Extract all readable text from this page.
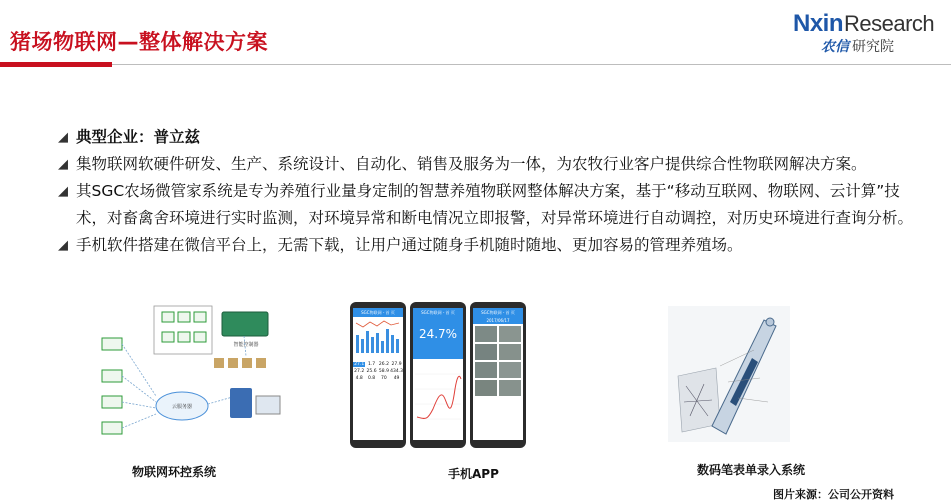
猪场物联网—整体解决方案
NxinResearch
农信 研究院
◢ 典型企业：普立兹
◢ 集物联网软硬件研发、生产、系统设计、自动化、销售及服务为一体，为农牧行业客户提供综合性物联网解决方案。
◢ 其SGC农场微管家系统是专为养殖行业量身定制的智慧养殖物联网整体解决方案，基于“移动互联网、物联网、云计算”技术，对畜禽舍环境进行实时监测，对环境异常和断电情况立即报警，对异常环境进行自动调控，对历史环境进行查询分析。
◢ 手机软件搭建在微信平台上，无需下载，让用户通过随身手机随时随地、更加容易的管理养殖场。
智能控制器
云服务器
SGC物联网 - 首 页
27.1 1.7 26.2 27.9
27.2 25.6 58.9 434.3
4.8	0.8	70	49
SGC物联网 - 首 页
24.7%
SGC物联网 - 首 页
2017/06/17
物联网环控系统	手机APP	数码笔表单录入系统
图片来源：公司公开资料
